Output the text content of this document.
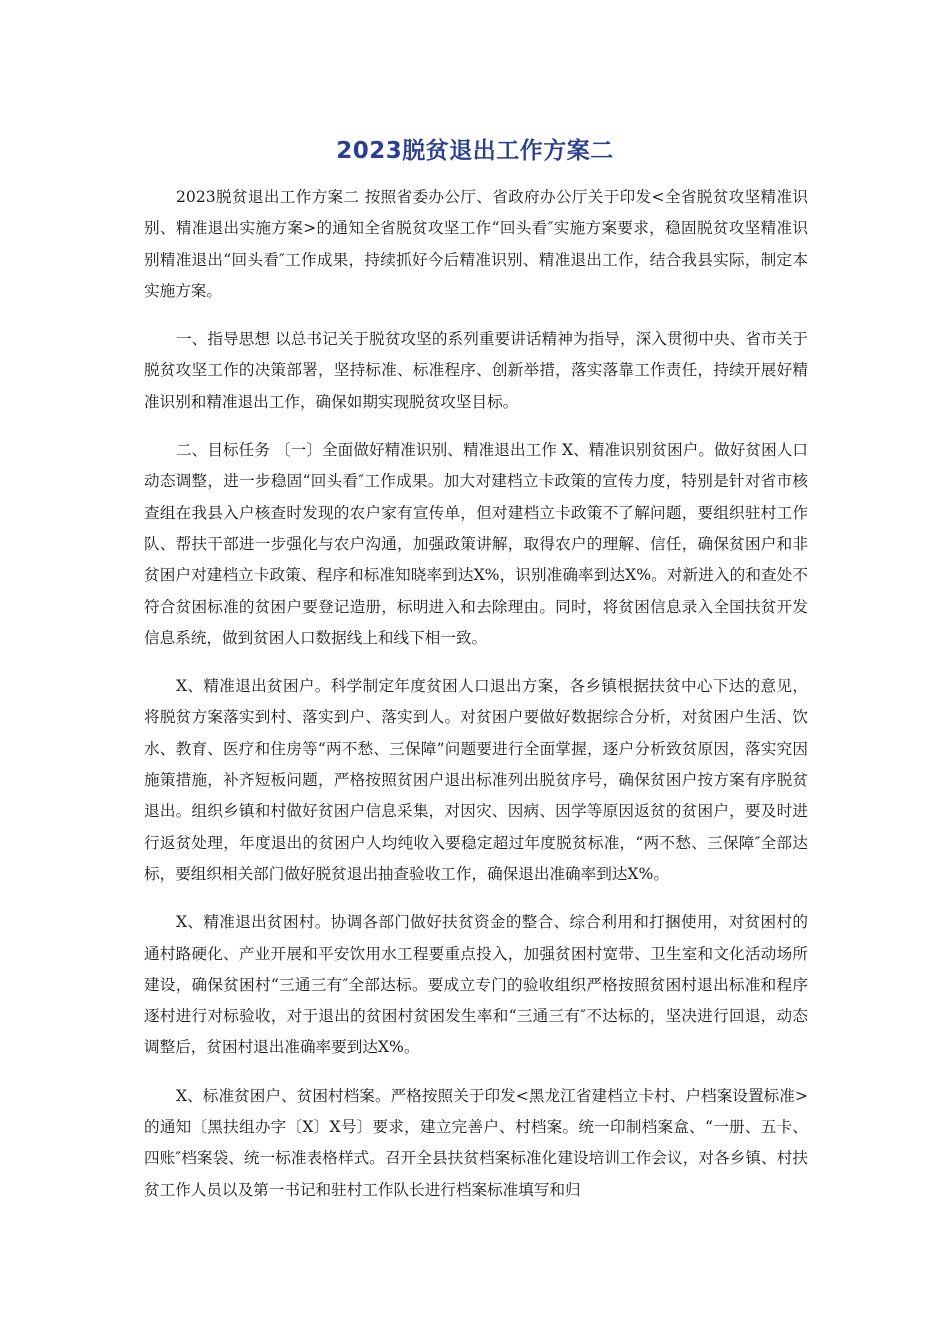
2023脱贫退出工作方案二

2023脱贫退出工作方案二 按照省委办公厅、省政府办公厅关于印发<全省脱贫攻坚精准识别、精准退出实施方案>的通知全省脱贫攻坚工作“回头看″实施方案要求，稳固脱贫攻坚精准识别精准退出“回头看″工作成果，持续抓好今后精准识别、精准退出工作，结合我县实际，制定本实施方案。

一、指导思想 以总书记关于脱贫攻坚的系列重要讲话精神为指导，深入贯彻中央、省市关于脱贫攻坚工作的决策部署，坚持标准、标准程序、创新举措，落实落靠工作责任，持续开展好精准识别和精准退出工作，确保如期实现脱贫攻坚目标。

二、目标任务 〔一〕全面做好精准识别、精准退出工作 X、精准识别贫困户。做好贫困人口动态调整，进一步稳固“回头看″工作成果。加大对建档立卡政策的宣传力度，特别是针对省市核查组在我县入户核查时发现的农户家有宣传单，但对建档立卡政策不了解问题，要组织驻村工作队、帮扶干部进一步强化与农户沟通，加强政策讲解，取得农户的理解、信任，确保贫困户和非贫困户对建档立卡政策、程序和标准知晓率到达X%，识别准确率到达X%。对新进入的和查处不符合贫困标准的贫困户要登记造册，标明进入和去除理由。同时，将贫困信息录入全国扶贫开发信息系统，做到贫困人口数据线上和线下相一致。

X、精准退出贫困户。科学制定年度贫困人口退出方案，各乡镇根据扶贫中心下达的意见，将脱贫方案落实到村、落实到户、落实到人。对贫困户要做好数据综合分析，对贫困户生活、饮水、教育、医疗和住房等“两不愁、三保障”问题要进行全面掌握，逐户分析致贫原因，落实究因施策措施，补齐短板问题，严格按照贫困户退出标准列出脱贫序号，确保贫困户按方案有序脱贫退出。组织乡镇和村做好贫困户信息采集，对因灾、因病、因学等原因返贫的贫困户，要及时进行返贫处理，年度退出的贫困户人均纯收入要稳定超过年度脱贫标准，“两不愁、三保障″全部达标，要组织相关部门做好脱贫退出抽查验收工作，确保退出准确率到达X%。

X、精准退出贫困村。协调各部门做好扶贫资金的整合、综合利用和打捆使用，对贫困村的通村路硬化、产业开展和平安饮用水工程要重点投入，加强贫困村宽带、卫生室和文化活动场所建设，确保贫困村“三通三有″全部达标。要成立专门的验收组织严格按照贫困村退出标准和程序逐村进行对标验收，对于退出的贫困村贫困发生率和“三通三有″不达标的，坚决进行回退，动态调整后，贫困村退出准确率要到达X%。

X、标准贫困户、贫困村档案。严格按照关于印发<黑龙江省建档立卡村、户档案设置标准>的通知〔黑扶组办字〔X〕X号〕要求，建立完善户、村档案。统一印制档案盒、“一册、五卡、四账″档案袋、统一标准表格样式。召开全县扶贫档案标准化建设培训工作会议，对各乡镇、村扶贫工作人员以及第一书记和驻村工作队长进行档案标准填写和归
